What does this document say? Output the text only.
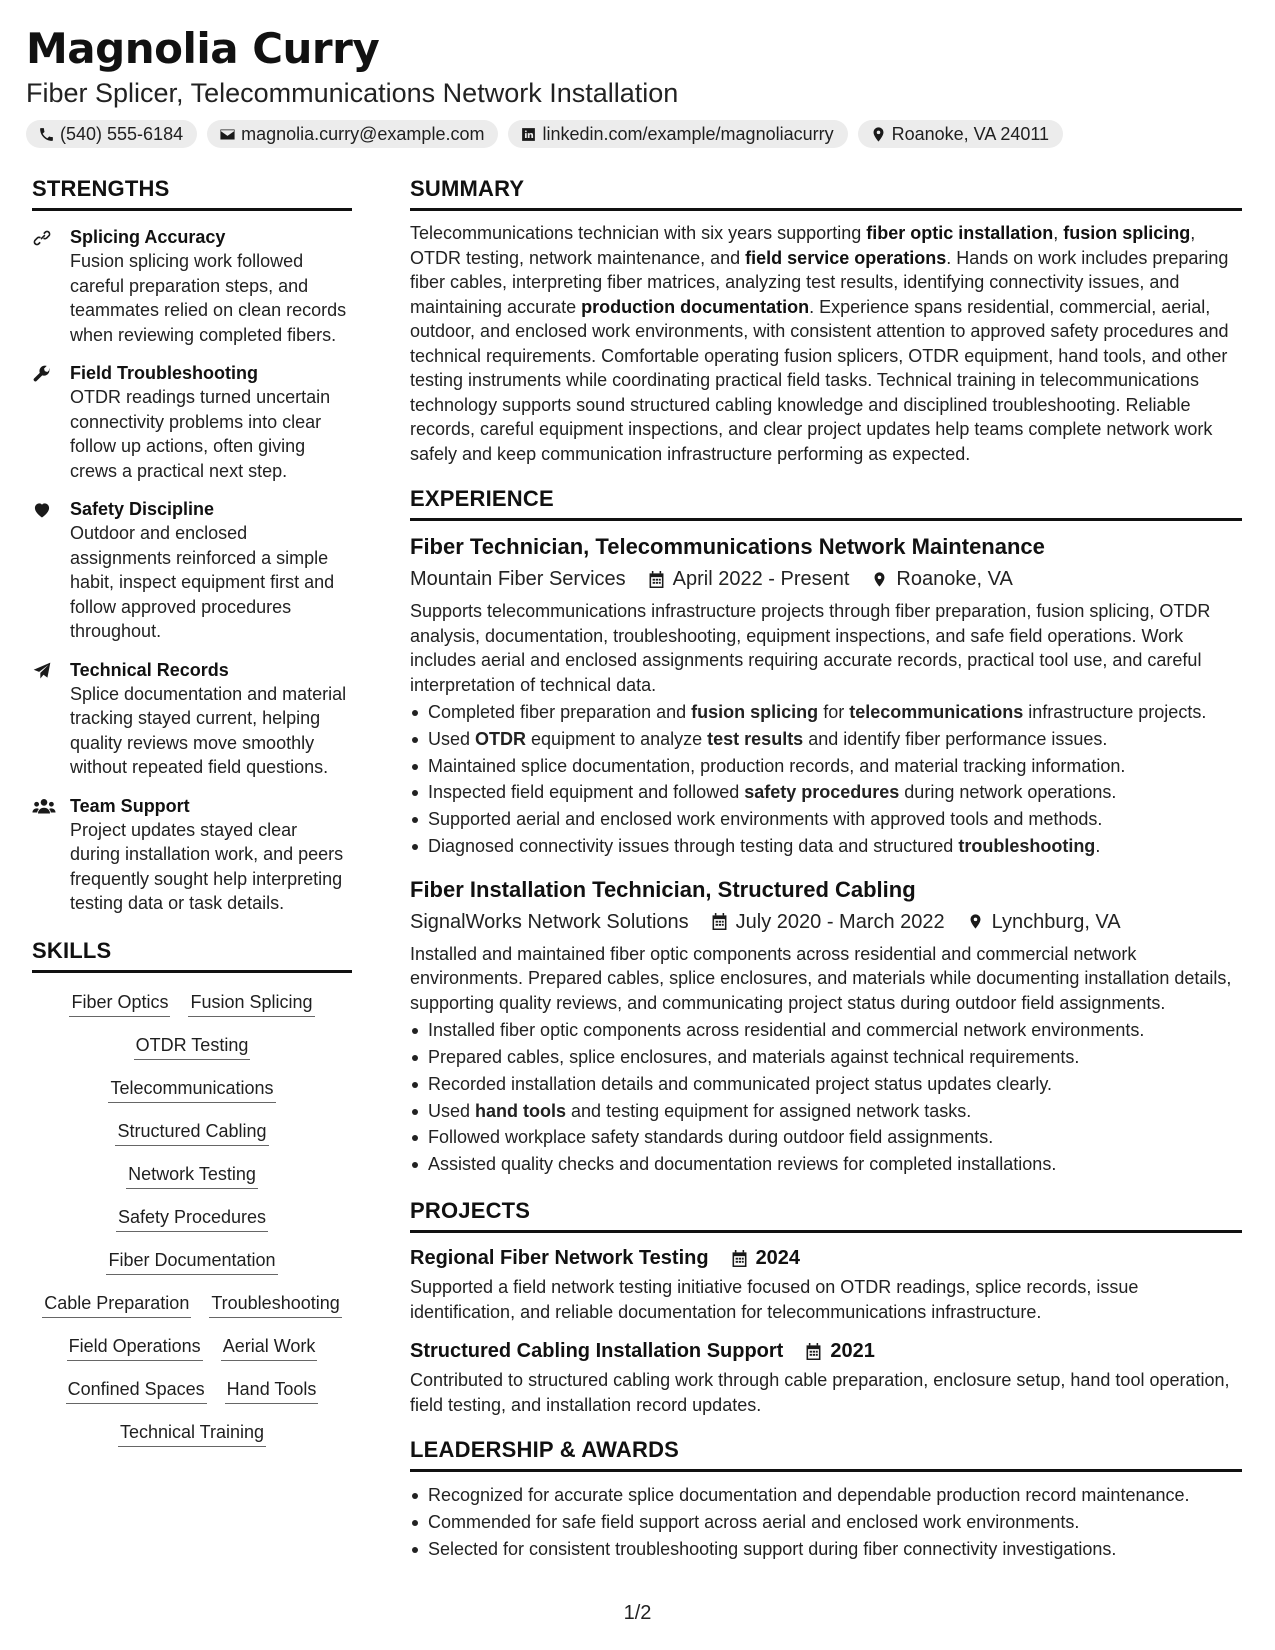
Magnolia Curry
Fiber Splicer, Telecommunications Network Installation
(540) 555-6184	magnolia.curry@example.com	linkedin.com/example/magnoliacurry	Roanoke, VA 24011
STRENGTHS
Splicing Accuracy
Fusion splicing work followed careful preparation steps, and teammates relied on clean records when reviewing completed fibers.
Field Troubleshooting
OTDR readings turned uncertain connectivity problems into clear follow up actions, often giving crews a practical next step.
Safety Discipline
Outdoor and enclosed assignments reinforced a simple habit, inspect equipment first and follow approved procedures throughout.
Technical Records
Splice documentation and material tracking stayed current, helping quality reviews move smoothly without repeated field questions.
Team Support
Project updates stayed clear during installation work, and peers frequently sought help interpreting testing data or task details.
SKILLS
Fiber Optics Fusion Splicing
OTDR Testing
Telecommunications
Structured Cabling
Network Testing
Safety Procedures
Fiber Documentation
Cable Preparation Troubleshooting
Field Operations Aerial Work
Confined Spaces Hand Tools
Technical Training
SUMMARY
Telecommunications technician with six years supporting fiber optic installation, fusion splicing, OTDR testing, network maintenance, and field service operations. Hands on work includes preparing fiber cables, interpreting fiber matrices, analyzing test results, identifying connectivity issues, and maintaining accurate production documentation. Experience spans residential, commercial, aerial, outdoor, and enclosed work environments, with consistent attention to approved safety procedures and technical requirements. Comfortable operating fusion splicers, OTDR equipment, hand tools, and other testing instruments while coordinating practical field tasks. Technical training in telecommunications technology supports sound structured cabling knowledge and disciplined troubleshooting. Reliable records, careful equipment inspections, and clear project updates help teams complete network work safely and keep communication infrastructure performing as expected.
EXPERIENCE
Fiber Technician, Telecommunications Network Maintenance
Mountain Fiber Services April 2022 - Present Roanoke, VA
Supports telecommunications infrastructure projects through fiber preparation, fusion splicing, OTDR analysis, documentation, troubleshooting, equipment inspections, and safe field operations. Work includes aerial and enclosed assignments requiring accurate records, practical tool use, and careful interpretation of technical data.
Completed fiber preparation and fusion splicing for telecommunications infrastructure projects.
Used OTDR equipment to analyze test results and identify fiber performance issues.
Maintained splice documentation, production records, and material tracking information.
Inspected field equipment and followed safety procedures during network operations.
Supported aerial and enclosed work environments with approved tools and methods.
Diagnosed connectivity issues through testing data and structured troubleshooting.
Fiber Installation Technician, Structured Cabling
SignalWorks Network Solutions July 2020 - March 2022 Lynchburg, VA
Installed and maintained fiber optic components across residential and commercial network environments. Prepared cables, splice enclosures, and materials while documenting installation details, supporting quality reviews, and communicating project status during outdoor field assignments.
Installed fiber optic components across residential and commercial network environments.
Prepared cables, splice enclosures, and materials against technical requirements.
Recorded installation details and communicated project status updates clearly.
Used hand tools and testing equipment for assigned network tasks.
Followed workplace safety standards during outdoor field assignments.
Assisted quality checks and documentation reviews for completed installations.
PROJECTS
Regional Fiber Network Testing 2024
Supported a field network testing initiative focused on OTDR readings, splice records, issue identification, and reliable documentation for telecommunications infrastructure.
Structured Cabling Installation Support 2021
Contributed to structured cabling work through cable preparation, enclosure setup, hand tool operation, field testing, and installation record updates.
LEADERSHIP & AWARDS
Recognized for accurate splice documentation and dependable production record maintenance.
Commended for safe field support across aerial and enclosed work environments.
Selected for consistent troubleshooting support during fiber connectivity investigations.
1/2
